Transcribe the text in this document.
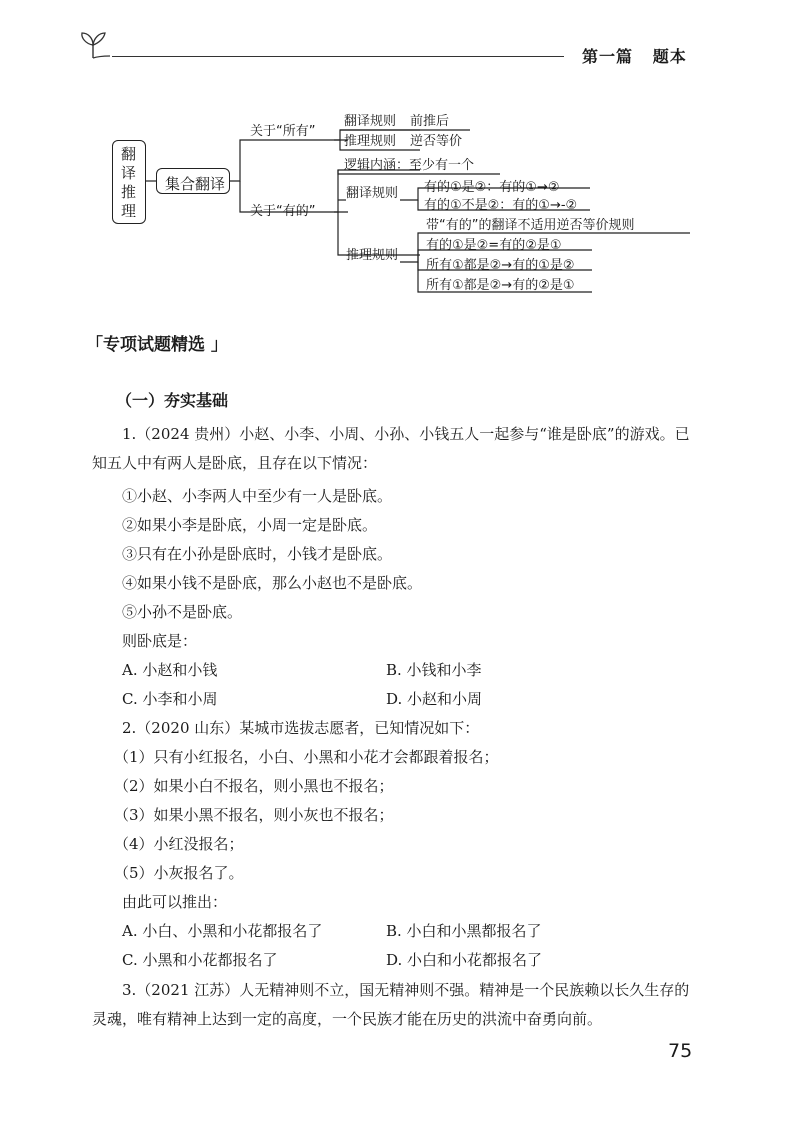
第一篇   题本
翻译推理
集合翻译
关于“所有”
翻译规则 前推后
推理规则 逆否等价
关于“有的”
逻辑内涵：至少有一个
翻译规则 有的①是②：有的①→②
有的①不是②：有的①→-②
推理规则
带“有的”的翻译不适用逆否等价规则
有的①是②=有的②是①
所有①都是②→有的①是②
所有①都是②→有的②是①
「专项试题精选 」
（一）夯实基础
1.（2024 贵州）小赵、小李、小周、小孙、小钱五人一起参与“谁是卧底”的游戏。已知五人中有两人是卧底，且存在以下情况：
①小赵、小李两人中至少有一人是卧底。
②如果小李是卧底，小周一定是卧底。
③只有在小孙是卧底时，小钱才是卧底。
④如果小钱不是卧底，那么小赵也不是卧底。
⑤小孙不是卧底。
则卧底是：
A. 小赵和小钱	B. 小钱和小李
C. 小李和小周	D. 小赵和小周
2.（2020 山东）某城市选拔志愿者，已知情况如下：
（1）只有小红报名，小白、小黑和小花才会都跟着报名；
（2）如果小白不报名，则小黑也不报名；
（3）如果小黑不报名，则小灰也不报名；
（4）小红没报名；
（5）小灰报名了。
由此可以推出：
A. 小白、小黑和小花都报名了	B. 小白和小黑都报名了
C. 小黑和小花都报名了	D. 小白和小花都报名了
3.（2021 江苏）人无精神则不立，国无精神则不强。精神是一个民族赖以长久生存的灵魂，唯有精神上达到一定的高度，一个民族才能在历史的洪流中奋勇向前。
75
